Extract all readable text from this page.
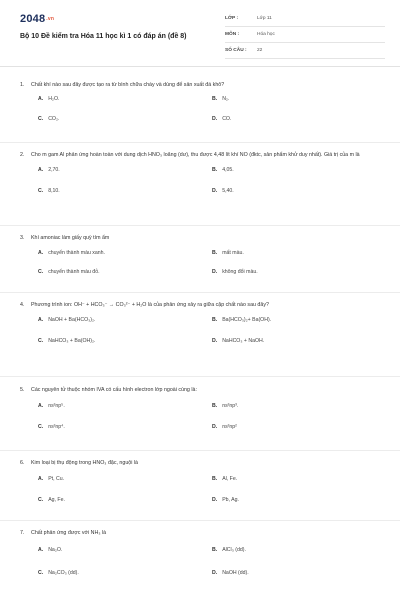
$2048^{.vn}$
Bộ 10 Đề kiểm tra Hóa 11 học kì 1 có đáp án (đề 8)
LỚP :	Lớp 11
MÔN :	Hóa học
SỐ CÂU : 22
1. Chất khí nào sau đây được tạo ra từ bình chữa cháy và dùng để sản xuất đá khô?
A. H₂O.	B. N₂.
C. CO₂.	D. CO.
2. Cho m gam Al phản ứng hoàn toàn với dung dịch HNO₃ loãng (dư), thu được 4,48 lít khí NO (đktc, sản phẩm khử duy nhất). Giá trị của m là
A. 2,70.	B. 4,05.
C. 8,10.	D. 5,40.
3. Khí amoniac làm giấy quỳ tím ẩm
A. chuyển thành màu xanh.	B. mất màu.
C. chuyển thành màu đỏ.	D. không đổi màu.
4. Phương trình ion: OH⁻ + HCO₃⁻ → CO₃²⁻ + H₂O là của phản ứng xảy ra giữa cặp chất nào sau đây?
A. NaOH + Ba(HCO₃)₂.	B. Ba(HCO₃)₂+ Ba(OH).
C. NaHCO₃ + Ba(OH)₂.	D. NaHCO₃ + NaOH.
5. Các nguyên tử thuộc nhóm IVA có cấu hình electron lớp ngoài cùng là:
A. ns²np⁵.	B. ns²np³.
C. ns²np⁴.	D. ns²np²
6. Kim loại bị thụ động trong HNO₃ đặc, nguội là
A. Pt, Cu.	B. Al, Fe.
C. Ag, Fe.	D. Pb, Ag.
7. Chất phản ứng được với NH₃ là
A. Na₂O.	B. AlCl₃ (dd).
C. Na₂CO₃ (dd).	D. NaOH (dd).
